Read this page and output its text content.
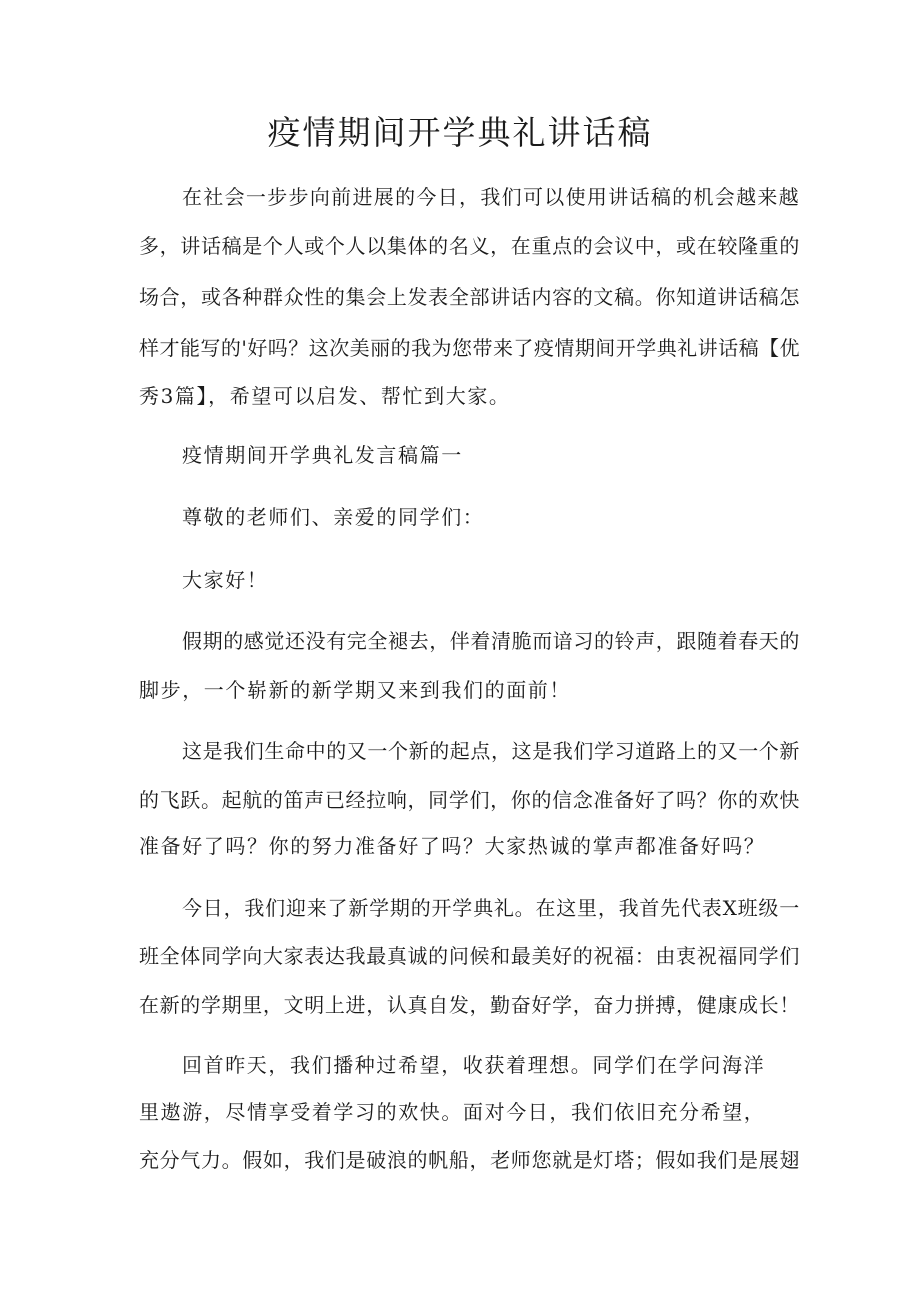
疫情期间开学典礼讲话稿
在社会一步步向前进展的今日，我们可以使用讲话稿的机会越来越
多，讲话稿是个人或个人以集体的名义，在重点的会议中，或在较隆重的
场合，或各种群众性的集会上发表全部讲话内容的文稿。你知道讲话稿怎
样才能写的'好吗？这次美丽的我为您带来了疫情期间开学典礼讲话稿【优
秀3篇】，希望可以启发、帮忙到大家。
疫情期间开学典礼发言稿篇一
尊敬的老师们、亲爱的同学们：
大家好！
假期的感觉还没有完全褪去，伴着清脆而谙习的铃声，跟随着春天的
脚步，一个崭新的新学期又来到我们的面前！
这是我们生命中的又一个新的起点，这是我们学习道路上的又一个新
的飞跃。起航的笛声已经拉响，同学们，你的信念准备好了吗？你的欢快
准备好了吗？你的努力准备好了吗？大家热诚的掌声都准备好吗？
今日，我们迎来了新学期的开学典礼。在这里，我首先代表X班级一
班全体同学向大家表达我最真诚的问候和最美好的祝福：由衷祝福同学们
在新的学期里，文明上进，认真自发，勤奋好学，奋力拼搏，健康成长！
回首昨天，我们播种过希望，收获着理想。同学们在学问海洋
里遨游，尽情享受着学习的欢快。面对今日，我们依旧充分希望，
充分气力。假如，我们是破浪的帆船，老师您就是灯塔；假如我们是展翅
